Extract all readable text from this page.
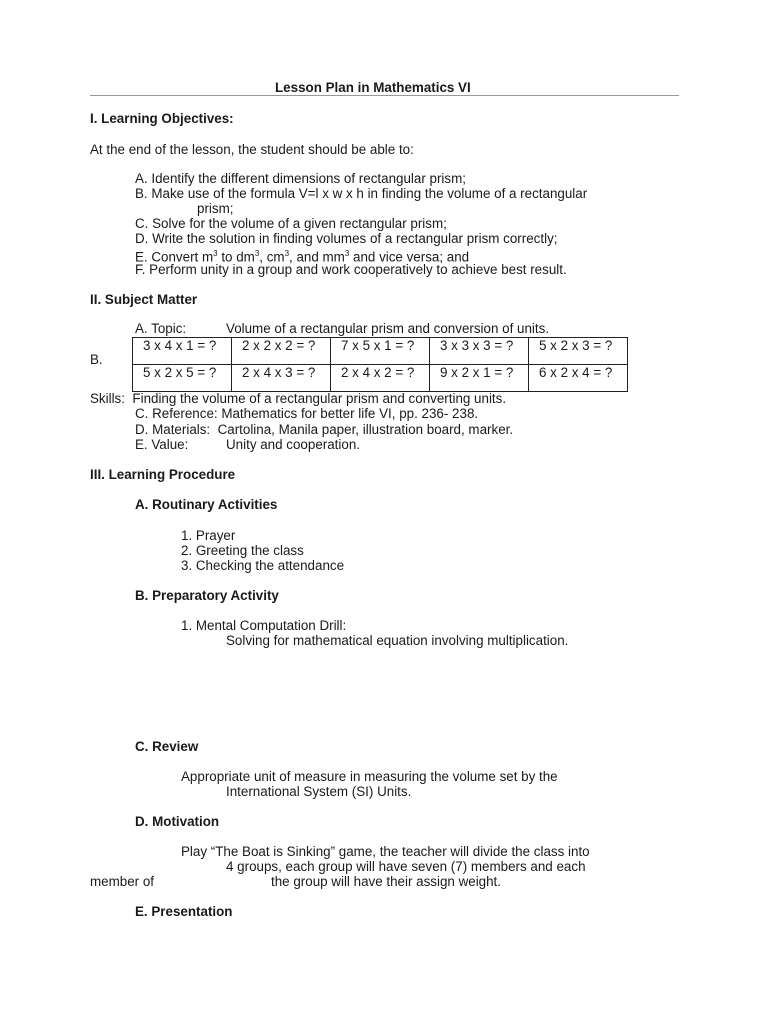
Lesson Plan in Mathematics VI
I. Learning Objectives:
At the end of the lesson, the student should be able to:
A. Identify the different dimensions of rectangular prism;
B. Make use of the formula V=l x w x h in finding the volume of a rectangular
prism;
C. Solve for the volume of a given rectangular prism;
D. Write the solution in finding volumes of a rectangular prism correctly;
E. Convert $m^3$ to $dm^3$, $cm^3$, and $mm^3$ and vice versa; and
F. Perform unity in a group and work cooperatively to achieve best result.
II. Subject Matter
A. Topic:	Volume of a rectangular prism and conversion of units.
B.
3 x 4 x 1 = ?	2 x 2 x 2 = ?	7 x 5 x 1 = ?	3 x 3 x 3 = ?	5 x 2 x 3 = ?

5 x 2 x 5 = ?	2 x 4 x 3 = ?	2 x 4 x 2 = ?	9 x 2 x 1 = ?	6 x 2 x 4 = ?
Skills:  Finding the volume of a rectangular prism and converting units.
C. Reference: Mathematics for better life VI, pp. 236- 238.
D. Materials:  Cartolina, Manila paper, illustration board, marker.
E. Value:	Unity and cooperation.
III. Learning Procedure
A. Routinary Activities
1. Prayer
2. Greeting the class
3. Checking the attendance
B. Preparatory Activity
1. Mental Computation Drill:
Solving for mathematical equation involving multiplication.
C. Review
Appropriate unit of measure in measuring the volume set by the
International System (SI) Units.
D. Motivation
Play “The Boat is Sinking” game, the teacher will divide the class into
4 groups, each group will have seven (7) members and each
member of	the group will have their assign weight.
E. Presentation
